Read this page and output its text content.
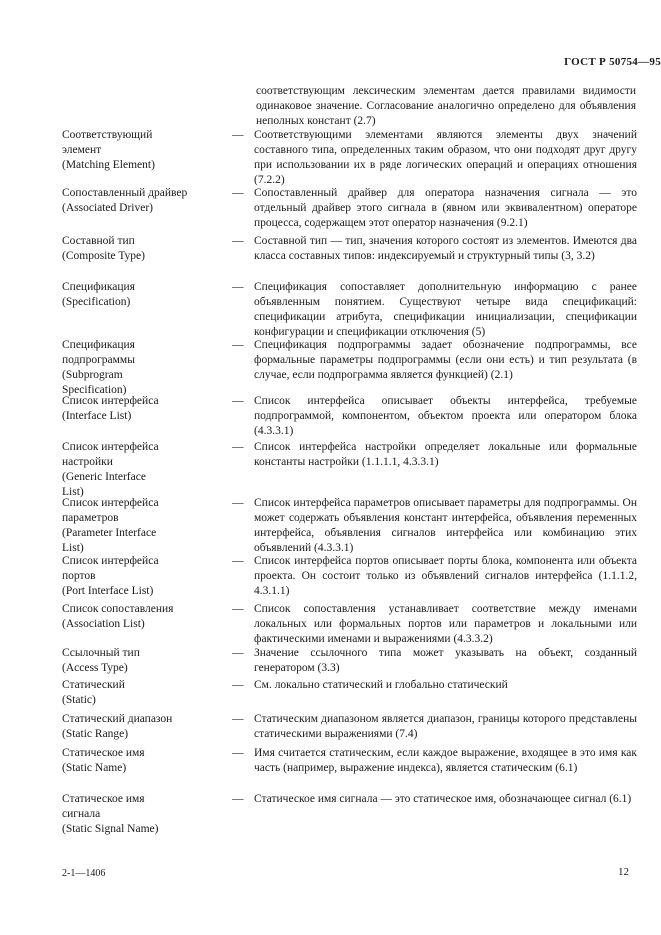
ГОСТ Р 50754—95
соответствующим лексическим элементам дается правилами видимости одинаковое значение. Согласование аналогично определено для объявления неполных констант (2.7)
Соответствующий
элемент
(Matching Element)
— Соответствующими элементами являются элементы двух значений составного типа, определенных таким образом, что они подходят друг другу при использовании их в ряде логических операций и операциях отношения (7.2.2)
Сопоставленный драйвер
(Associated Driver)
— Сопоставленный драйвер для оператора назначения сигнала — это отдельный драйвер этого сигнала в (явном или эквивалентном) операторе процесса, содержащем этот оператор назначения (9.2.1)
Составной тип
(Composite Type)
— Составной тип — тип, значения которого состоят из элементов. Имеются два класса составных типов: индексируемый и структурный типы (3, 3.2)
Спецификация
(Specification)
— Спецификация сопоставляет дополнительную информацию с ранее объявленным понятием. Существуют четыре вида спецификаций: спецификации атрибута, спецификации инициализации, спецификации конфигурации и спецификации отключения (5)
Спецификация
подпрограммы
(Subprogram
Specification)
— Спецификация подпрограммы задает обозначение подпрограммы, все формальные параметры подпрограммы (если они есть) и тип результата (в случае, если подпрограмма является функцией) (2.1)
Список интерфейса
(Interface List)
— Список интерфейса описывает объекты интерфейса, требуемые подпрограммой, компонентом, объектом проекта или оператором блока (4.3.3.1)
Список интерфейса
настройки
(Generic Interface
List)
— Список интерфейса настройки определяет локальные или формальные константы настройки (1.1.1.1, 4.3.3.1)
Список интерфейса
параметров
(Parameter Interface
List)
— Список интерфейса параметров описывает параметры для подпрограммы. Он может содержать объявления констант интерфейса, объявления переменных интерфейса, объявления сигналов интерфейса или комбинацию этих объявлений (4.3.3.1)
Список интерфейса
портов
(Port Interface List)
— Список интерфейса портов описывает порты блока, компонента или объекта проекта. Он состоит только из объявлений сигналов интерфейса (1.1.1.2, 4.3.1.1)
Список сопоставления
(Association List)
— Список сопоставления устанавливает соответствие между именами локальных или формальных портов или параметров и локальными или фактическими именами и выражениями (4.3.3.2)
Ссылочный тип
(Access Type)
— Значение ссылочного типа может указывать на объект, созданный генератором (3.3)
Статический
(Static)
— См. локально статический и глобально статический
Статический диапазон
(Static Range)
— Статическим диапазоном является диапазон, границы которого представлены статическими выражениями (7.4)
Статическое имя
(Static Name)
— Имя считается статическим, если каждое выражение, входящее в это имя как часть (например, выражение индекса), является статическим (6.1)
Статическое имя
сигнала
(Static Signal Name)
— Статическое имя сигнала — это статическое имя, обозначающее сигнал (6.1)
2-1—1406	12
